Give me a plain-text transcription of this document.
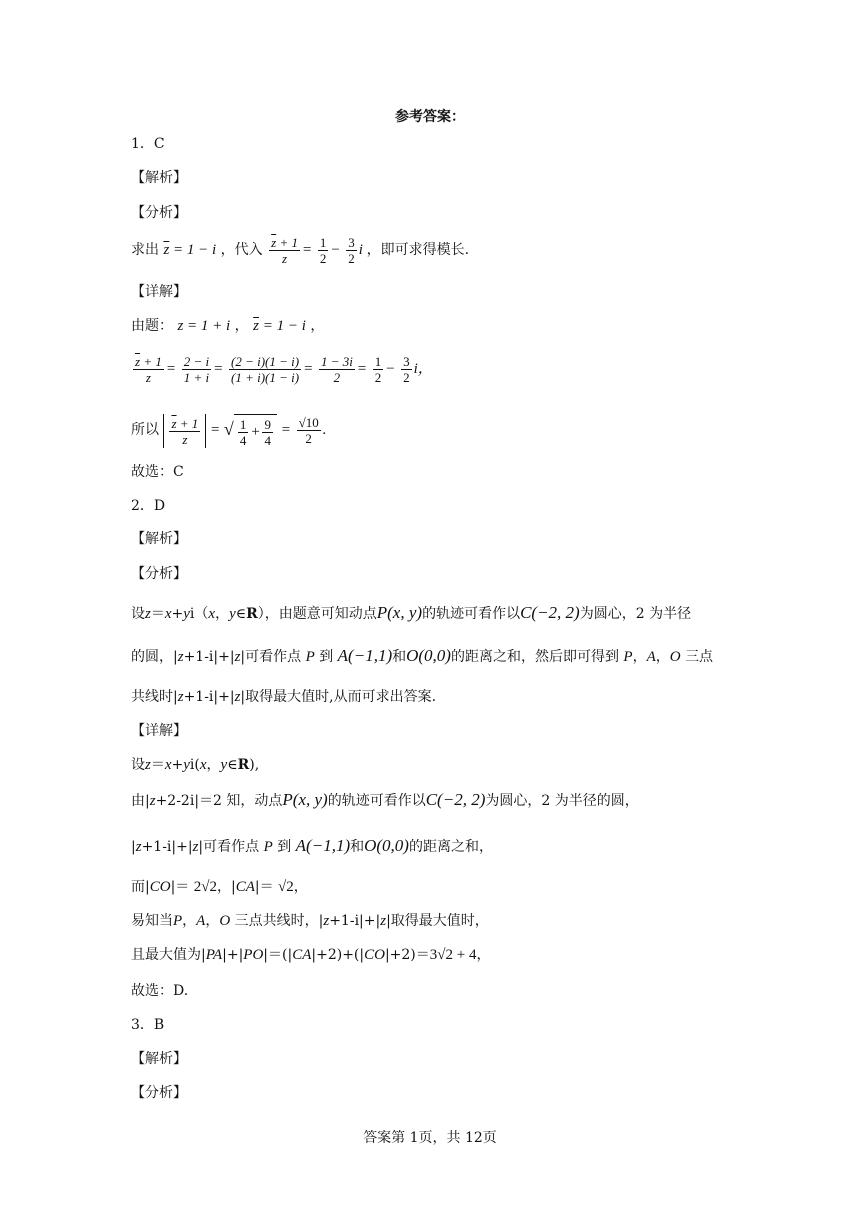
参考答案：
1．C
【解析】
【分析】
求出 $\overline{z} = 1 - i$ ，代入 $\frac{\overline{z} + 1}{z} = \frac{1}{2} - \frac{3}{2}$ i ，即可求得模长.
【详解】
由题： z = 1 + i ， $\overline{z} = 1 - i$ ，
$\frac{\overline{z} + 1}{z} = \frac{2 - i}{1 + i} = \frac{(2 - i)(1 - i)}{(1 + i)(1 - i)} = \frac{1 - 3i}{2} = \frac{1}{2} - \frac{3}{2}$ i，
所以 $\frac{\overline{z} + 1}{z}$ = √ $\frac{1}{4} + \frac{9}{4} = \frac{√10}{2}$ .
故选：C
2．D
【解析】
【分析】
设z＝x+yi（x，y∈R），由题意可知动点P(x, y)的轨迹可看作以C(−2, 2)为圆心，2 为半径
的圆，|z+1-i|+|z|可看作点 P 到 A(−1,1)和O(0,0)的距离之和，然后即可得到 P，A，O 三点
共线时|z+1-i|+|z|取得最大值时,从而可求出答案.
【详解】
设z＝x+yi(x，y∈R),
由|z+2-2i|＝2 知，动点P(x, y)的轨迹可看作以C(−2, 2)为圆心，2 为半径的圆，
|z+1-i|+|z|可看作点 P 到 A(−1,1)和O(0,0)的距离之和，
而|CO|＝ 2√2，|CA|＝ √2，
易知当P，A，O 三点共线时，|z+1-i|+|z|取得最大值时，
且最大值为|PA|+|PO|＝(|CA|+2)+(|CO|+2)＝3√2 + 4，
故选：D.
3．B
【解析】
【分析】
答案第 1页，共 12页
